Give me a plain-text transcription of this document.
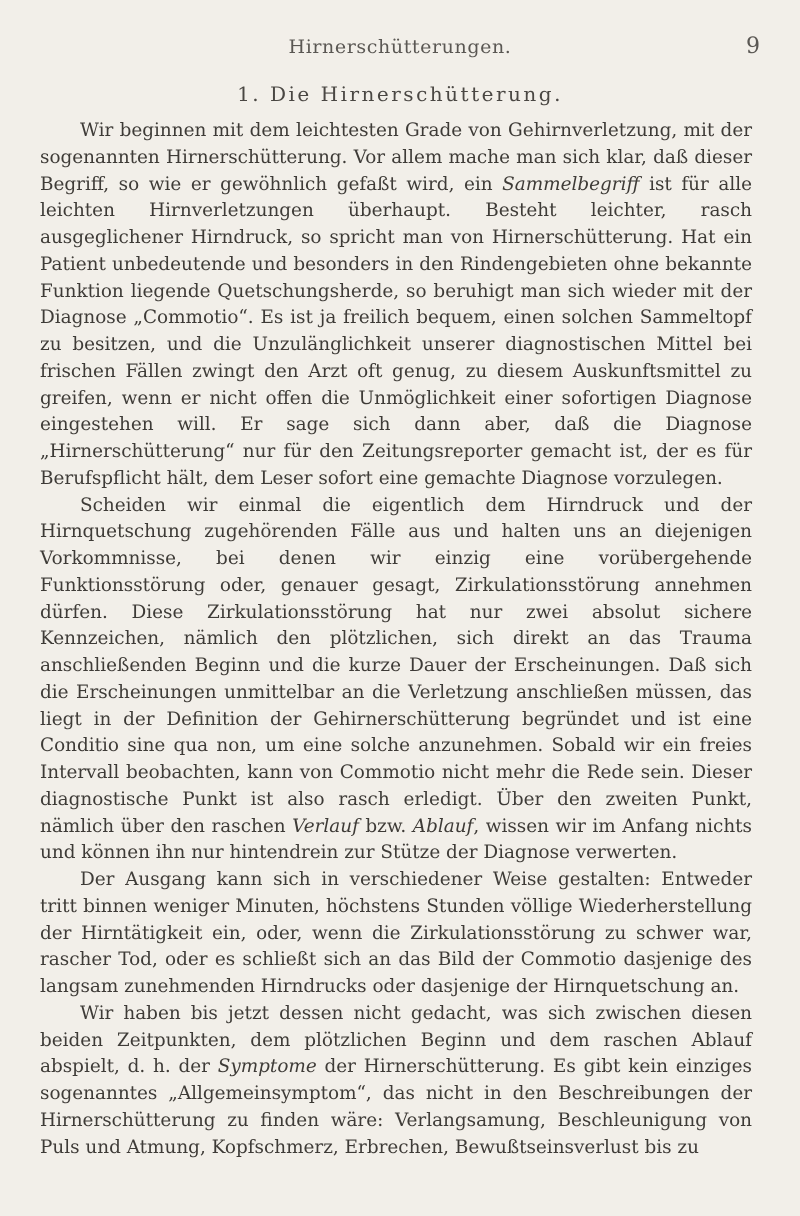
Hirnerschütterungen.	9
1. Die Hirnerschütterung.

Wir beginnen mit dem leichtesten Grade von Gehirnverletzung, mit der sogenannten Hirnerschütterung. Vor allem mache man sich klar, daß dieser Begriff, so wie er gewöhnlich gefaßt wird, ein Sammelbegriff ist für alle leichten Hirnverletzungen überhaupt. Besteht leichter, rasch ausgeglichener Hirndruck, so spricht man von Hirnerschütterung. Hat ein Patient unbedeutende und besonders in den Rindengebieten ohne bekannte Funktion liegende Quetschungsherde, so beruhigt man sich wieder mit der Diagnose „Commotio“. Es ist ja freilich bequem, einen solchen Sammeltopf zu besitzen, und die Unzulänglichkeit unserer diagnostischen Mittel bei frischen Fällen zwingt den Arzt oft genug, zu diesem Auskunftsmittel zu greifen, wenn er nicht offen die Unmöglichkeit einer sofortigen Diagnose eingestehen will. Er sage sich dann aber, daß die Diagnose „Hirnerschütterung“ nur für den Zeitungsreporter gemacht ist, der es für Berufspflicht hält, dem Leser sofort eine gemachte Diagnose vorzulegen.

Scheiden wir einmal die eigentlich dem Hirndruck und der Hirnquetschung zugehörenden Fälle aus und halten uns an diejenigen Vorkommnisse, bei denen wir einzig eine vorübergehende Funktionsstörung oder, genauer gesagt, Zirkulationsstörung annehmen dürfen. Diese Zirkulationsstörung hat nur zwei absolut sichere Kennzeichen, nämlich den plötzlichen, sich direkt an das Trauma anschließenden Beginn und die kurze Dauer der Erscheinungen. Daß sich die Erscheinungen unmittelbar an die Verletzung anschließen müssen, das liegt in der Definition der Gehirnerschütterung begründet und ist eine Conditio sine qua non, um eine solche anzunehmen. Sobald wir ein freies Intervall beobachten, kann von Commotio nicht mehr die Rede sein. Dieser diagnostische Punkt ist also rasch erledigt. Über den zweiten Punkt, nämlich über den raschen Verlauf bzw. Ablauf, wissen wir im Anfang nichts und können ihn nur hintendrein zur Stütze der Diagnose verwerten.

Der Ausgang kann sich in verschiedener Weise gestalten: Entweder tritt binnen weniger Minuten, höchstens Stunden völlige Wiederherstellung der Hirntätigkeit ein, oder, wenn die Zirkulationsstörung zu schwer war, rascher Tod, oder es schließt sich an das Bild der Commotio dasjenige des langsam zunehmenden Hirndrucks oder dasjenige der Hirnquetschung an.

Wir haben bis jetzt dessen nicht gedacht, was sich zwischen diesen beiden Zeitpunkten, dem plötzlichen Beginn und dem raschen Ablauf abspielt, d. h. der Symptome der Hirnerschütterung. Es gibt kein einziges sogenanntes „Allgemeinsymptom“, das nicht in den Beschreibungen der Hirnerschütterung zu finden wäre: Verlangsamung, Beschleunigung von Puls und Atmung, Kopfschmerz, Erbrechen, Bewußtseinsverlust bis zu
